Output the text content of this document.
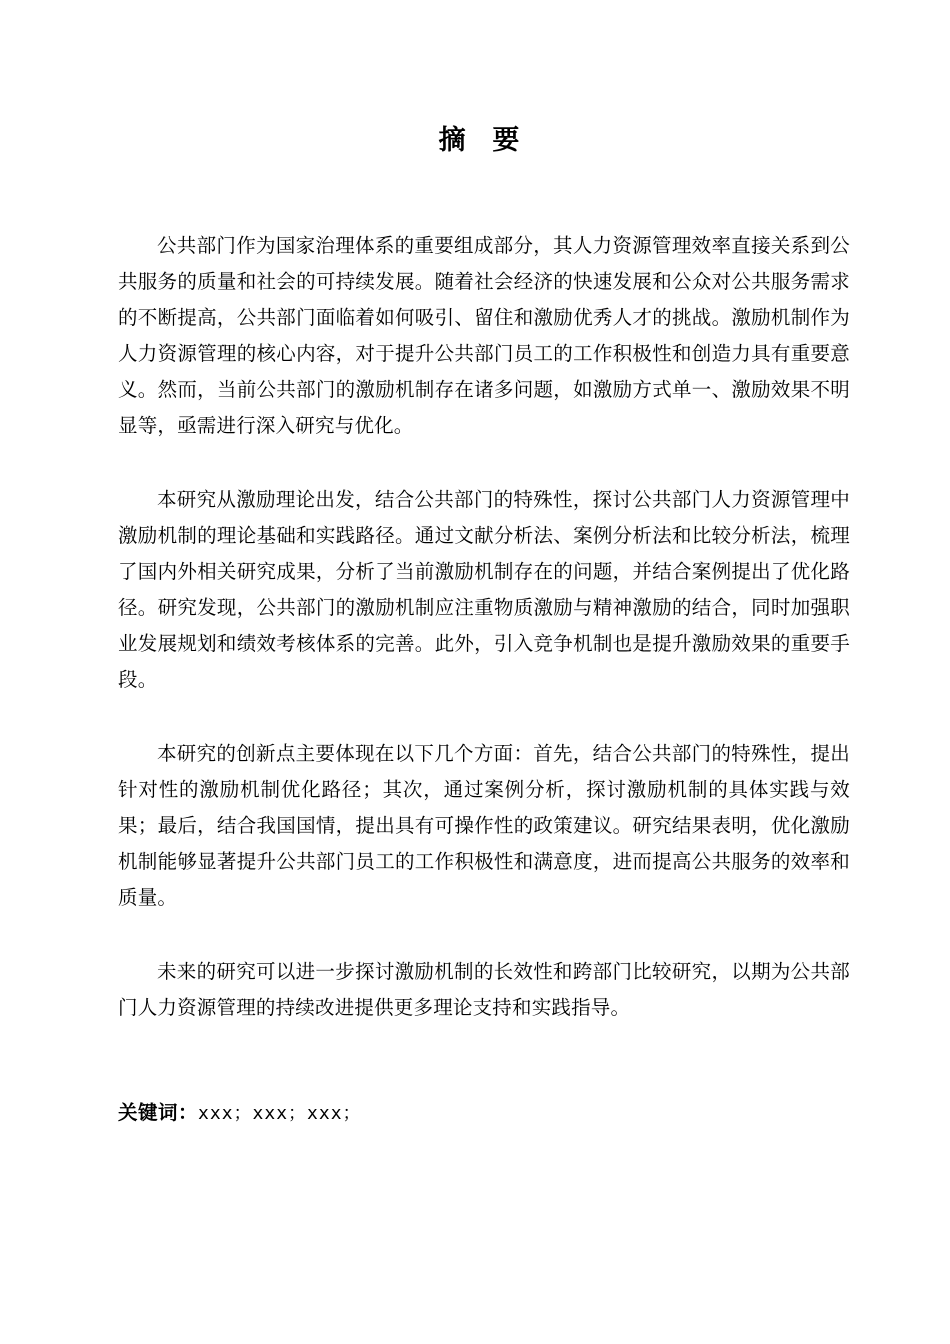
摘 要

公共部门作为国家治理体系的重要组成部分，其人力资源管理效率直接关系到公共服务的质量和社会的可持续发展。随着社会经济的快速发展和公众对公共服务需求的不断提高，公共部门面临着如何吸引、留住和激励优秀人才的挑战。激励机制作为人力资源管理的核心内容，对于提升公共部门员工的工作积极性和创造力具有重要意义。然而，当前公共部门的激励机制存在诸多问题，如激励方式单一、激励效果不明显等，亟需进行深入研究与优化。

本研究从激励理论出发，结合公共部门的特殊性，探讨公共部门人力资源管理中激励机制的理论基础和实践路径。通过文献分析法、案例分析法和比较分析法，梳理了国内外相关研究成果，分析了当前激励机制存在的问题，并结合案例提出了优化路径。研究发现，公共部门的激励机制应注重物质激励与精神激励的结合，同时加强职业发展规划和绩效考核体系的完善。此外，引入竞争机制也是提升激励效果的重要手段。

本研究的创新点主要体现在以下几个方面：首先，结合公共部门的特殊性，提出针对性的激励机制优化路径；其次，通过案例分析，探讨激励机制的具体实践与效果；最后，结合我国国情，提出具有可操作性的政策建议。研究结果表明，优化激励机制能够显著提升公共部门员工的工作积极性和满意度，进而提高公共服务的效率和质量。

未来的研究可以进一步探讨激励机制的长效性和跨部门比较研究，以期为公共部门人力资源管理的持续改进提供更多理论支持和实践指导。

关键词：xxx；xxx；xxx；
